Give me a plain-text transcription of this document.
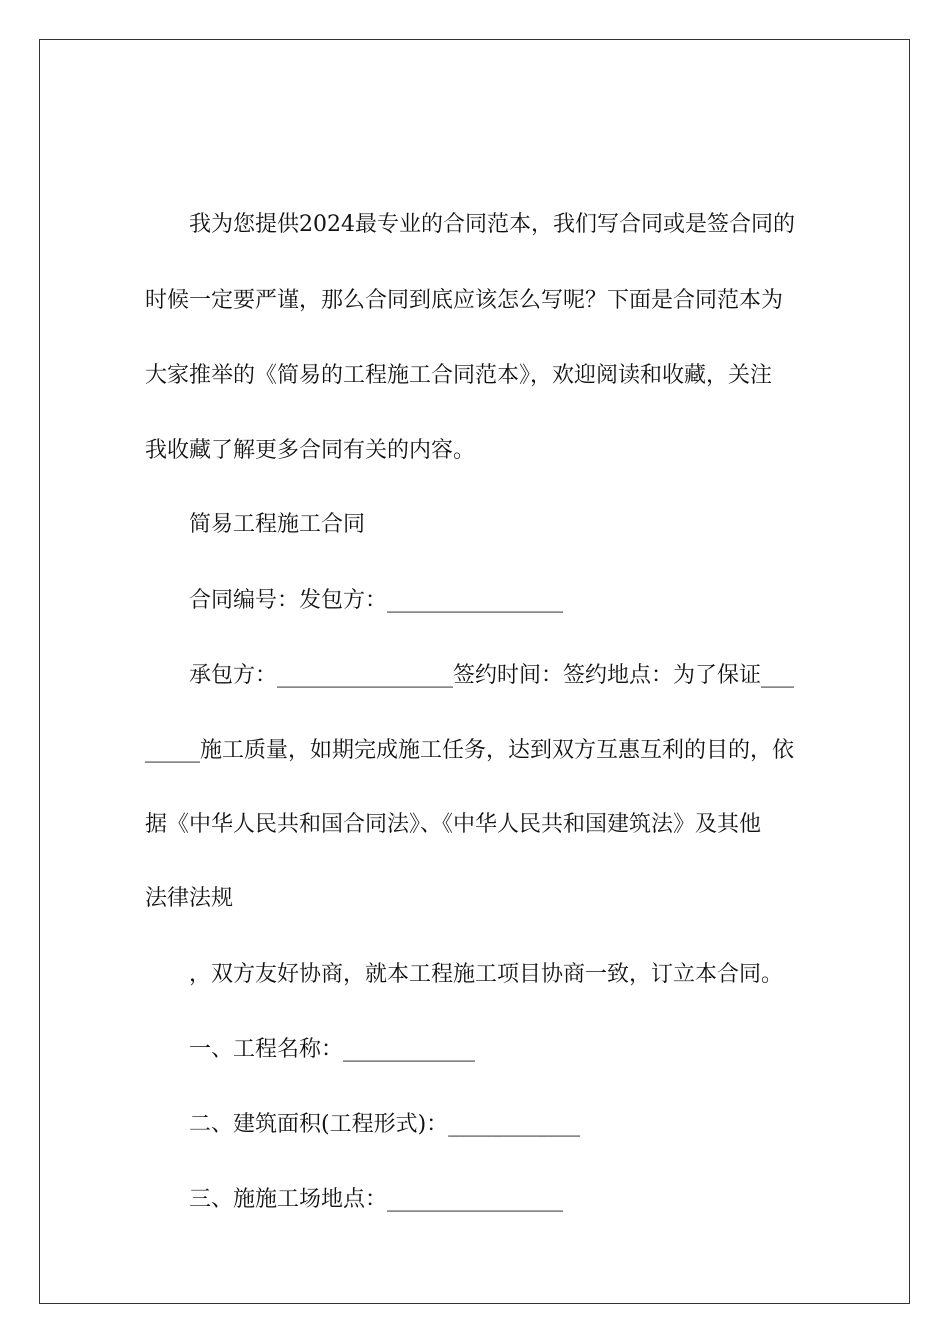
我为您提供2024最专业的合同范本，我们写合同或是签合同的
时候一定要严谨，那么合同到底应该怎么写呢？下面是合同范本为
大家推举的《简易的工程施工合同范本》，欢迎阅读和收藏，关注
我收藏了解更多合同有关的内容。
简易工程施工合同
合同编号：发包方：________________
承包方：________________签约时间：签约地点：为了保证___
_____施工质量，如期完成施工任务，达到双方互惠互利的目的，依
据《中华人民共和国合同法》、《中华人民共和国建筑法》及其他
法律法规
，双方友好协商，就本工程施工项目协商一致，订立本合同。
一、工程名称：____________
二、建筑面积(工程形式)：____________
三、施施工场地点：________________
